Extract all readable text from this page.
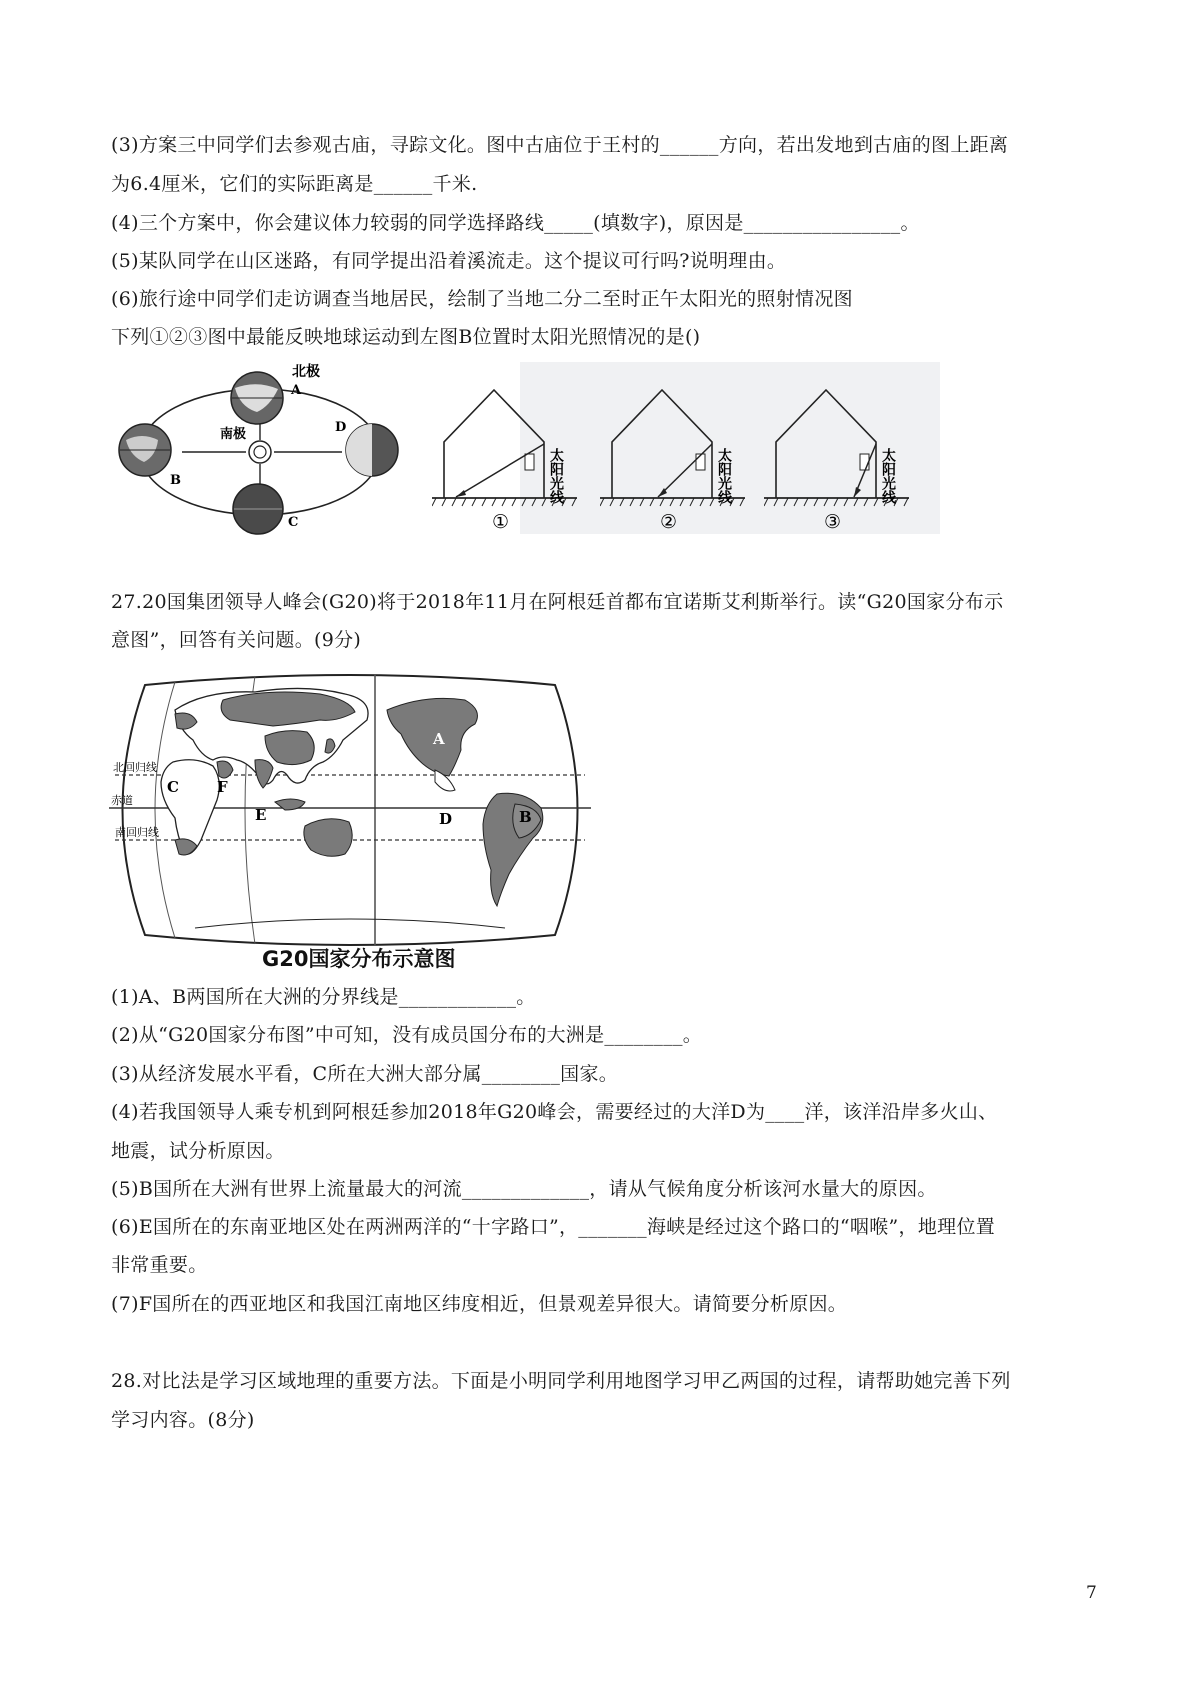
(3)方案三中同学们去参观古庙，寻踪文化。图中古庙位于王村的______方向，若出发地到古庙的图上距离
为6.4厘米，它们的实际距离是______千米.
(4)三个方案中，你会建议体力较弱的同学选择路线_____(填数字)，原因是________________。
(5)某队同学在山区迷路，有同学提出沿着溪流走。这个提议可行吗?说明理由。
(6)旅行途中同学们走访调查当地居民，绘制了当地二分二至时正午太阳光的照射情况图
下列①②③图中最能反映地球运动到左图B位置时太阳光照情况的是()
北极
南极
A
B
C
D
太阳光线
①
太阳光线
②
太阳光线
③
27.20国集团领导人峰会(G20)将于2018年11月在阿根廷首都布宜诺斯艾利斯举行。读“G20国家分布示
意图”，回答有关问题。(9分)
北回归线
赤道
南回归线
A
B
C
D
E
F
G20国家分布示意图
(1)A、B两国所在大洲的分界线是____________。
(2)从“G20国家分布图”中可知，没有成员国分布的大洲是________。
(3)从经济发展水平看，C所在大洲大部分属________国家。
(4)若我国领导人乘专机到阿根廷参加2018年G20峰会，需要经过的大洋D为____洋，该洋沿岸多火山、
地震，试分析原因。
(5)B国所在大洲有世界上流量最大的河流_____________，请从气候角度分析该河水量大的原因。
(6)E国所在的东南亚地区处在两洲两洋的“十字路口”，_______海峡是经过这个路口的“咽喉”，地理位置
非常重要。
(7)F国所在的西亚地区和我国江南地区纬度相近，但景观差异很大。请简要分析原因。
28.对比法是学习区域地理的重要方法。下面是小明同学利用地图学习甲乙两国的过程，请帮助她完善下列
学习内容。(8分)
7
